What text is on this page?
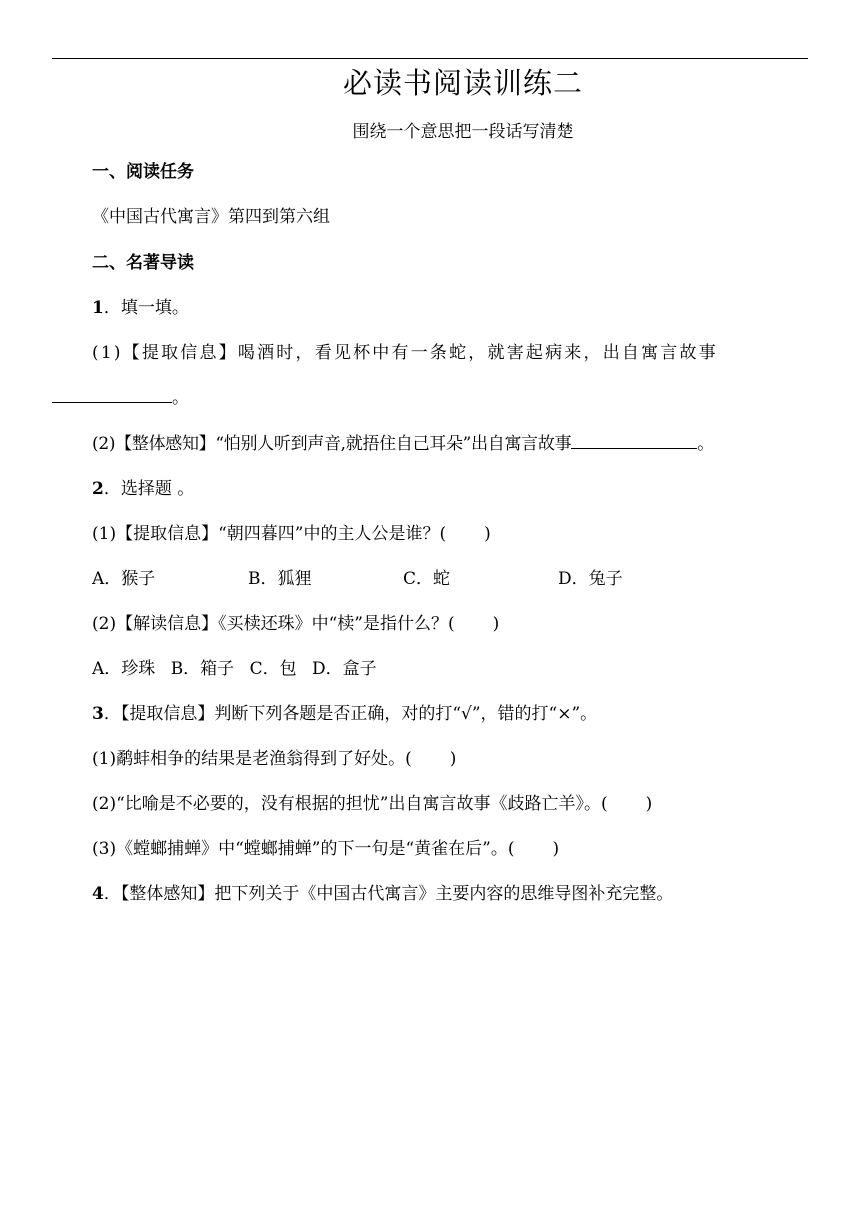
必读书阅读训练二
围绕一个意思把一段话写清楚
一、阅读任务
《中国古代寓言》第四到第六组
二、名著导读
1．填一填。
(1)【提取信息】喝酒时，看见杯中有一条蛇，就害起病来，出自寓言故事
。
(2)【整体感知】“怕别人听到声音,就捂住自己耳朵”出自寓言故事	。
2．选择题 。
(1)【提取信息】“朝四暮四”中的主人公是谁？( )
A．猴子	B．狐狸	C．蛇	D．兔子
(2)【解读信息】《买椟还珠》中“椟”是指什么？( )
A．珍珠 B．箱子 C．包 D．盒子
3．【提取信息】判断下列各题是否正确，对的打“√”，错的打“×”。
(1)鹬蚌相争的结果是老渔翁得到了好处。( )
(2)“比喻是不必要的，没有根据的担忧”出自寓言故事《歧路亡羊》。( )
(3)《螳螂捕蝉》中“螳螂捕蝉”的下一句是“黄雀在后”。( )
4．【整体感知】把下列关于《中国古代寓言》主要内容的思维导图补充完整。
